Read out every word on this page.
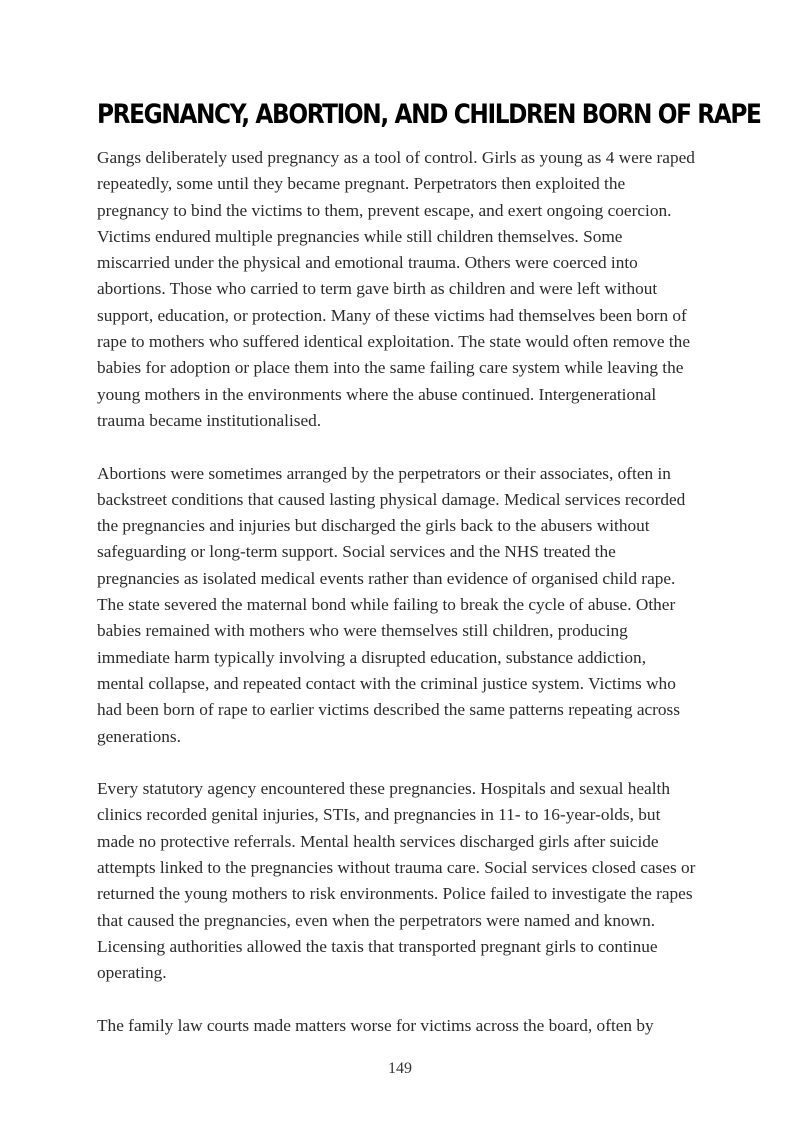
PREGNANCY, ABORTION, AND CHILDREN BORN OF RAPE

Gangs deliberately used pregnancy as a tool of control. Girls as young as 4 were raped repeatedly, some until they became pregnant. Perpetrators then exploited the pregnancy to bind the victims to them, prevent escape, and exert ongoing coercion. Victims endured multiple pregnancies while still children themselves. Some miscarried under the physical and emotional trauma. Others were coerced into abortions. Those who carried to term gave birth as children and were left without support, education, or protection. Many of these victims had themselves been born of rape to mothers who suffered identical exploitation. The state would often remove the babies for adoption or place them into the same failing care system while leaving the young mothers in the environments where the abuse continued. Intergenerational trauma became institutionalised.

Abortions were sometimes arranged by the perpetrators or their associates, often in backstreet conditions that caused lasting physical damage. Medical services recorded the pregnancies and injuries but discharged the girls back to the abusers without safeguarding or long-term support. Social services and the NHS treated the pregnancies as isolated medical events rather than evidence of organised child rape. The state severed the maternal bond while failing to break the cycle of abuse. Other babies remained with mothers who were themselves still children, producing immediate harm typically involving a disrupted education, substance addiction, mental collapse, and repeated contact with the criminal justice system. Victims who had been born of rape to earlier victims described the same patterns repeating across generations.

Every statutory agency encountered these pregnancies. Hospitals and sexual health clinics recorded genital injuries, STIs, and pregnancies in 11- to 16-year-olds, but made no protective referrals. Mental health services discharged girls after suicide attempts linked to the pregnancies without trauma care. Social services closed cases or returned the young mothers to risk environments. Police failed to investigate the rapes that caused the pregnancies, even when the perpetrators were named and known. Licensing authorities allowed the taxis that transported pregnant girls to continue operating.

The family law courts made matters worse for victims across the board, often by

149
